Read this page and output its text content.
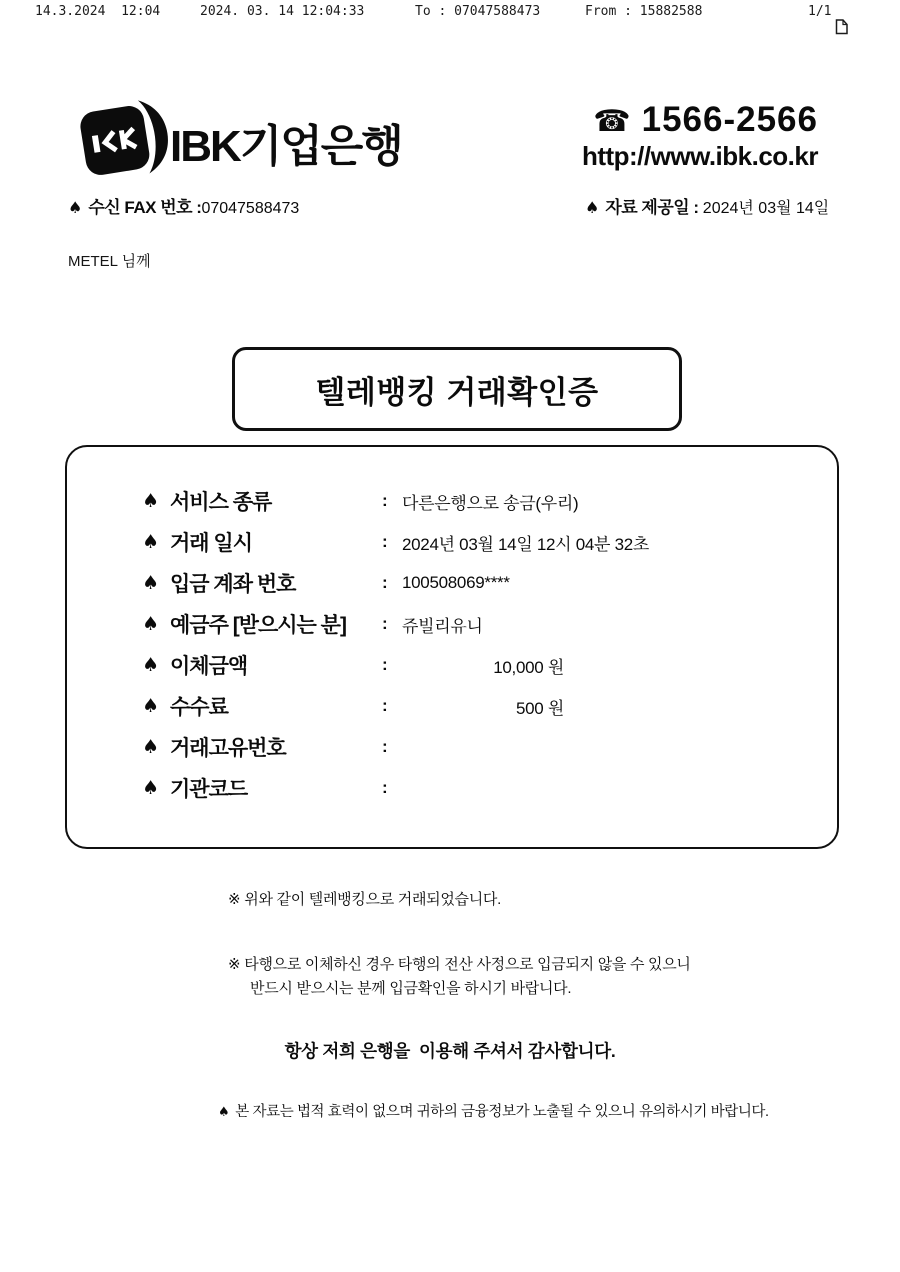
14.3.2024  12:04	2024. 03. 14 12:04:33	To : 07047588473	From : 15882588

	1/1
IBK기업은행
☎ 1566-2566
http://www.ibk.co.kr
♠ 수신 FAX 번호 :07047588473	♠ 자료 제공일 : 2024년 03월 14일
METEL 님께
텔레뱅킹 거래확인증
♠ 서비스 종류	: 다른은행으로 송금(우리)
♠ 거래 일시	: 2024년 03월 14일 12시 04분 32초
♠ 입금 계좌 번호	: 100508069****
♠ 예금주 [받으시는 분]	: 쥬빌리유니
♠ 이체금액	:	10,000 원
♠ 수수료	:	500 원
♠ 거래고유번호	:
♠ 기관코드	:
※ 위와 같이 텔레뱅킹으로 거래되었습니다.
※ 타행으로 이체하신 경우 타행의 전산 사정으로 입금되지 않을 수 있으니
반드시 받으시는 분께 입금확인을 하시기 바랍니다.
항상 저희 은행을  이용해 주셔서 감사합니다.
♠ 본 자료는 법적 효력이 없으며 귀하의 금융정보가 노출될 수 있으니 유의하시기 바랍니다.
